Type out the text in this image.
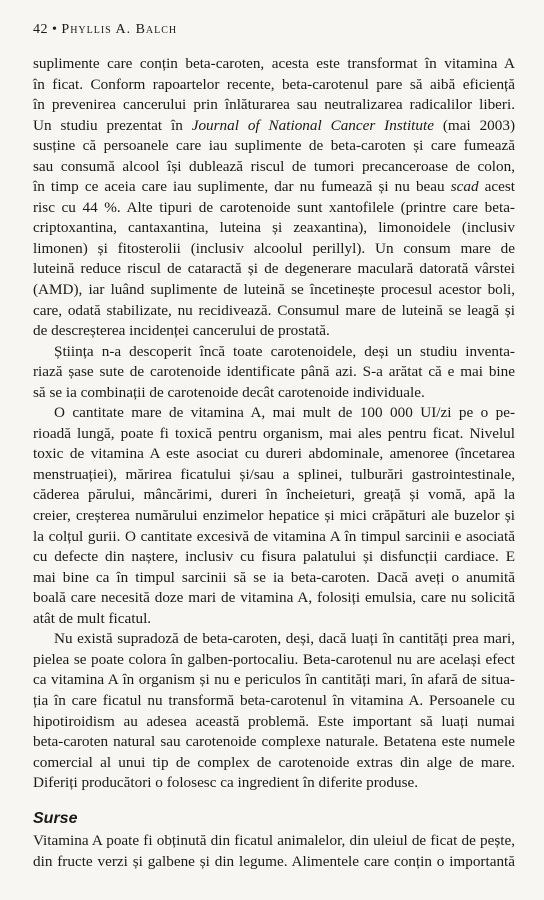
42 • Phyllis A. Balch

suplimente care conțin beta-caroten, acesta este transformat în vitamina A
în ficat. Conform rapoartelor recente, beta-carotenul pare să aibă eficiență
în prevenirea cancerului prin înlăturarea sau neutralizarea radicalilor liberi.
Un studiu prezentat în Journal of National Cancer Institute (mai 2003)
susține că persoanele care iau suplimente de beta-caroten și care fumează
sau consumă alcool își dublează riscul de tumori precanceroase de colon,
în timp ce aceia care iau suplimente, dar nu fumează și nu beau scad acest
risc cu 44 %. Alte tipuri de carotenoide sunt xantofilele (printre care beta-
criptoxantina, cantaxantina, luteina și zeaxantina), limonoidele (inclusiv
limonen) și fitosterolii (inclusiv alcoolul perillyl). Un consum mare de
luteină reduce riscul de cataractă și de degenerare maculară datorată vârstei
(AMD), iar luând suplimente de luteină se încetinește procesul acestor boli,
care, odată stabilizate, nu recidivează. Consumul mare de luteină se leagă și
de descreșterea incidenței cancerului de prostată.

Știința n-a descoperit încă toate carotenoidele, deși un studiu inventa-
riază șase sute de carotenoide identificate până azi. S-a arătat că e mai bine
să se ia combinații de carotenoide decât carotenoide individuale.

O cantitate mare de vitamina A, mai mult de 100 000 UI/zi pe o pe-
rioadă lungă, poate fi toxică pentru organism, mai ales pentru ficat. Nivelul
toxic de vitamina A este asociat cu dureri abdominale, amenoree (încetarea
menstruației), mărirea ficatului și/sau a splinei, tulburări gastrointestinale,
căderea părului, mâncărimi, dureri în încheieturi, greață și vomă, apă la
creier, creșterea numărului enzimelor hepatice și mici crăpături ale buzelor și
la colțul gurii. O cantitate excesivă de vitamina A în timpul sarcinii e asociată
cu defecte din naștere, inclusiv cu fisura palatului și disfuncții cardiace. E
mai bine ca în timpul sarcinii să se ia beta-caroten. Dacă aveți o anumită
boală care necesită doze mari de vitamina A, folosiți emulsia, care nu solicită
atât de mult ficatul.

Nu există supradoză de beta-caroten, deși, dacă luați în cantități prea mari,
pielea se poate colora în galben-portocaliu. Beta-carotenul nu are același efect
ca vitamina A în organism și nu e periculos în cantități mari, în afară de situa-
ția în care ficatul nu transformă beta-carotenul în vitamina A. Persoanele cu
hipotiroidism au adesea această problemă. Este important să luați numai
beta-caroten natural sau carotenoide complexe naturale. Betatena este numele
comercial al unui tip de complex de carotenoide extras din alge de mare.
Diferiți producători o folosesc ca ingredient în diferite produse.

Surse

Vitamina A poate fi obținută din ficatul animalelor, din uleiul de ficat de pește,
din fructe verzi și galbene și din legume. Alimentele care conțin o importantă
